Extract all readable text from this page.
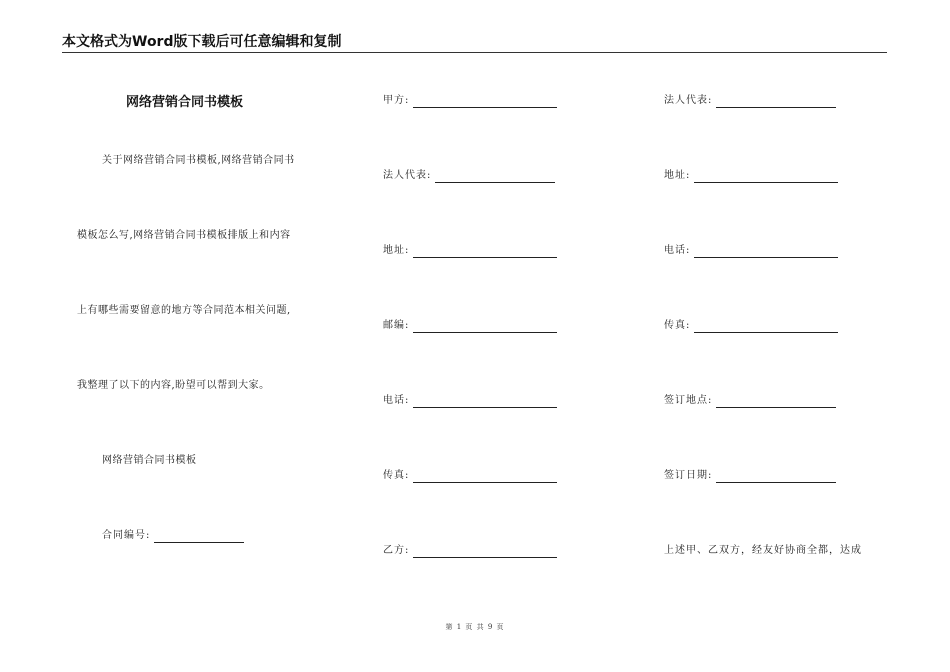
本文格式为Word版下载后可任意编辑和复制
网络营销合同书模板
关于网络营销合同书模板,网络营销合同书
模板怎么写,网络营销合同书模板排版上和内容
上有哪些需要留意的地方等合同范本相关问题,
我整理了以下的内容,盼望可以帮到大家。
网络营销合同书模板
合同编号:
甲方:
法人代表:
地址:
邮编:
电话:
传真:
乙方:
法人代表:
地址:
电话:
传真:
签订地点:
签订日期:
上述甲、乙双方，经友好协商全都，达成
第 1 页 共 9 页
